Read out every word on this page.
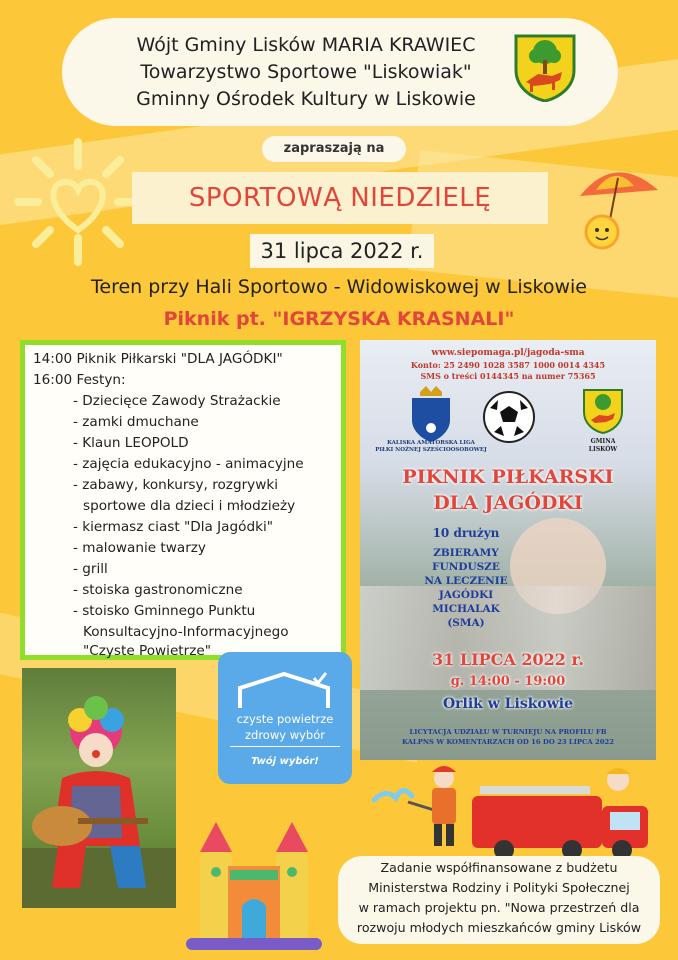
Wójt Gminy Lisków MARIA KRAWIEC
Towarzystwo Sportowe "Liskowiak"
Gminny Ośrodek Kultury w Liskowie
zapraszają na
SPORTOWĄ NIEDZIELĘ
31 lipca 2022 r.
Teren przy Hali Sportowo - Widowiskowej w Liskowie
Piknik pt. "IGRZYSKA KRASNALI"
14:00 Piknik Piłkarski "DLA JAGÓDKI"
16:00 Festyn:
- Dziecięce Zawody Strażackie
- zamki dmuchane
- Klaun LEOPOLD
- zajęcia edukacyjno - animacyjne
- zabawy, konkursy, rozgrywki
sportowe dla dzieci i młodzieży
- kiermasz ciast "Dla Jagódki"
- malowanie twarzy
- grill
- stoiska gastronomiczne
- stoisko Gminnego Punktu
Konsultacyjno-Informacyjnego
"Czyste Powietrze"
www.siepomaga.pl/jagoda-sma
Konto: 25 2490 1028 3587 1000 0014 4345
SMS o treści 0144345 na numer 75365
KALISKA AMATORSKA LIGA
PIŁKI NOŻNEJ SZEŚCIOOSOBOWEJ
GMINA
LISKÓW
PIKNIK PIŁKARSKI
DLA JAGÓDKI
10 drużyn
ZBIERAMY
FUNDUSZE
NA LECZENIE
JAGÓDKI
MICHALAK
(SMA)
31 LIPCA 2022 r.
g. 14:00 - 19:00
Orlik w Liskowie
LICYTACJA UDZIAŁU W TURNIEJU NA PROFILU FB
KALPNS W KOMENTARZACH OD 16 DO 23 LIPCA 2022
czyste powietrze
zdrowy wybór
Twój wybór!
Zadanie współfinansowane z budżetu
Ministerstwa Rodziny i Polityki Społecznej
w ramach projektu pn. "Nowa przestrzeń dla
rozwoju młodych mieszkańców gminy Lisków
